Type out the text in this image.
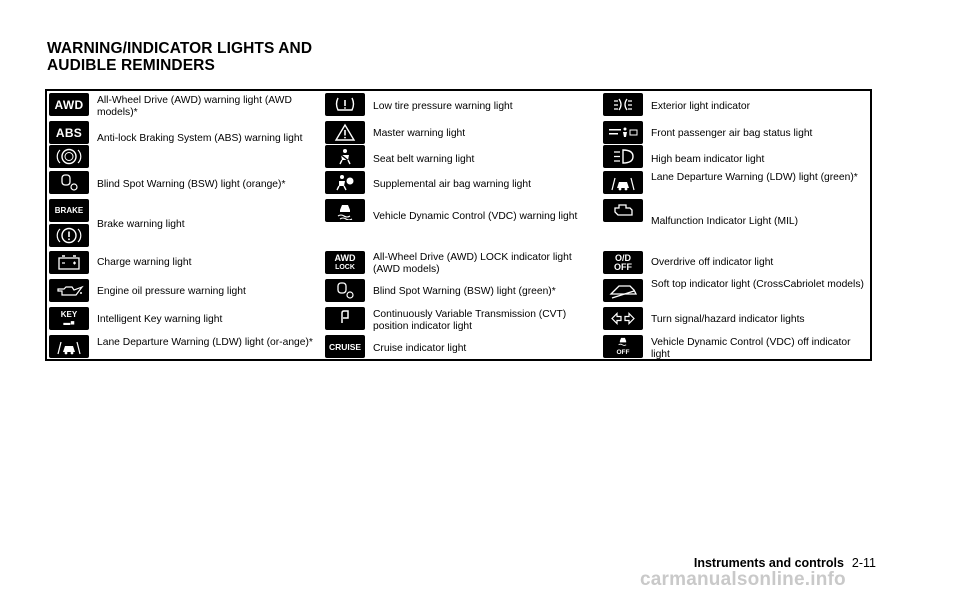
WARNING/INDICATOR LIGHTS AND
AUDIBLE REMINDERS
AWD All-Wheel Drive (AWD) warning light (AWD models)*
ABS Anti-lock Braking System (ABS) warning light
Blind Spot Warning (BSW) light (orange)*
BRAKE
Brake warning light
Charge warning light
Engine oil pressure warning light
KEY
▬■ Intelligent Key warning light
Lane Departure Warning (LDW) light (or-ange)*
Low tire pressure warning light
Master warning light
Seat belt warning light
Supplemental air bag warning light
Vehicle Dynamic Control (VDC) warning light
AWD
LOCK
All-Wheel Drive (AWD) LOCK indicator light (AWD models)
Blind Spot Warning (BSW) light (green)*
Continuously Variable Transmission (CVT) position indicator light
CRUISE Cruise indicator light
Exterior light indicator
Front passenger air bag status light
High beam indicator light
Lane Departure Warning (LDW) light (green)*
Malfunction Indicator Light (MIL)
O/D
OFF Overdrive off indicator light
Soft top indicator light (CrossCabriolet models)
Turn signal/hazard indicator lights
OFF
Vehicle Dynamic Control (VDC) off indicator light
Instruments and controls 2-11
carmanualsonline.info
